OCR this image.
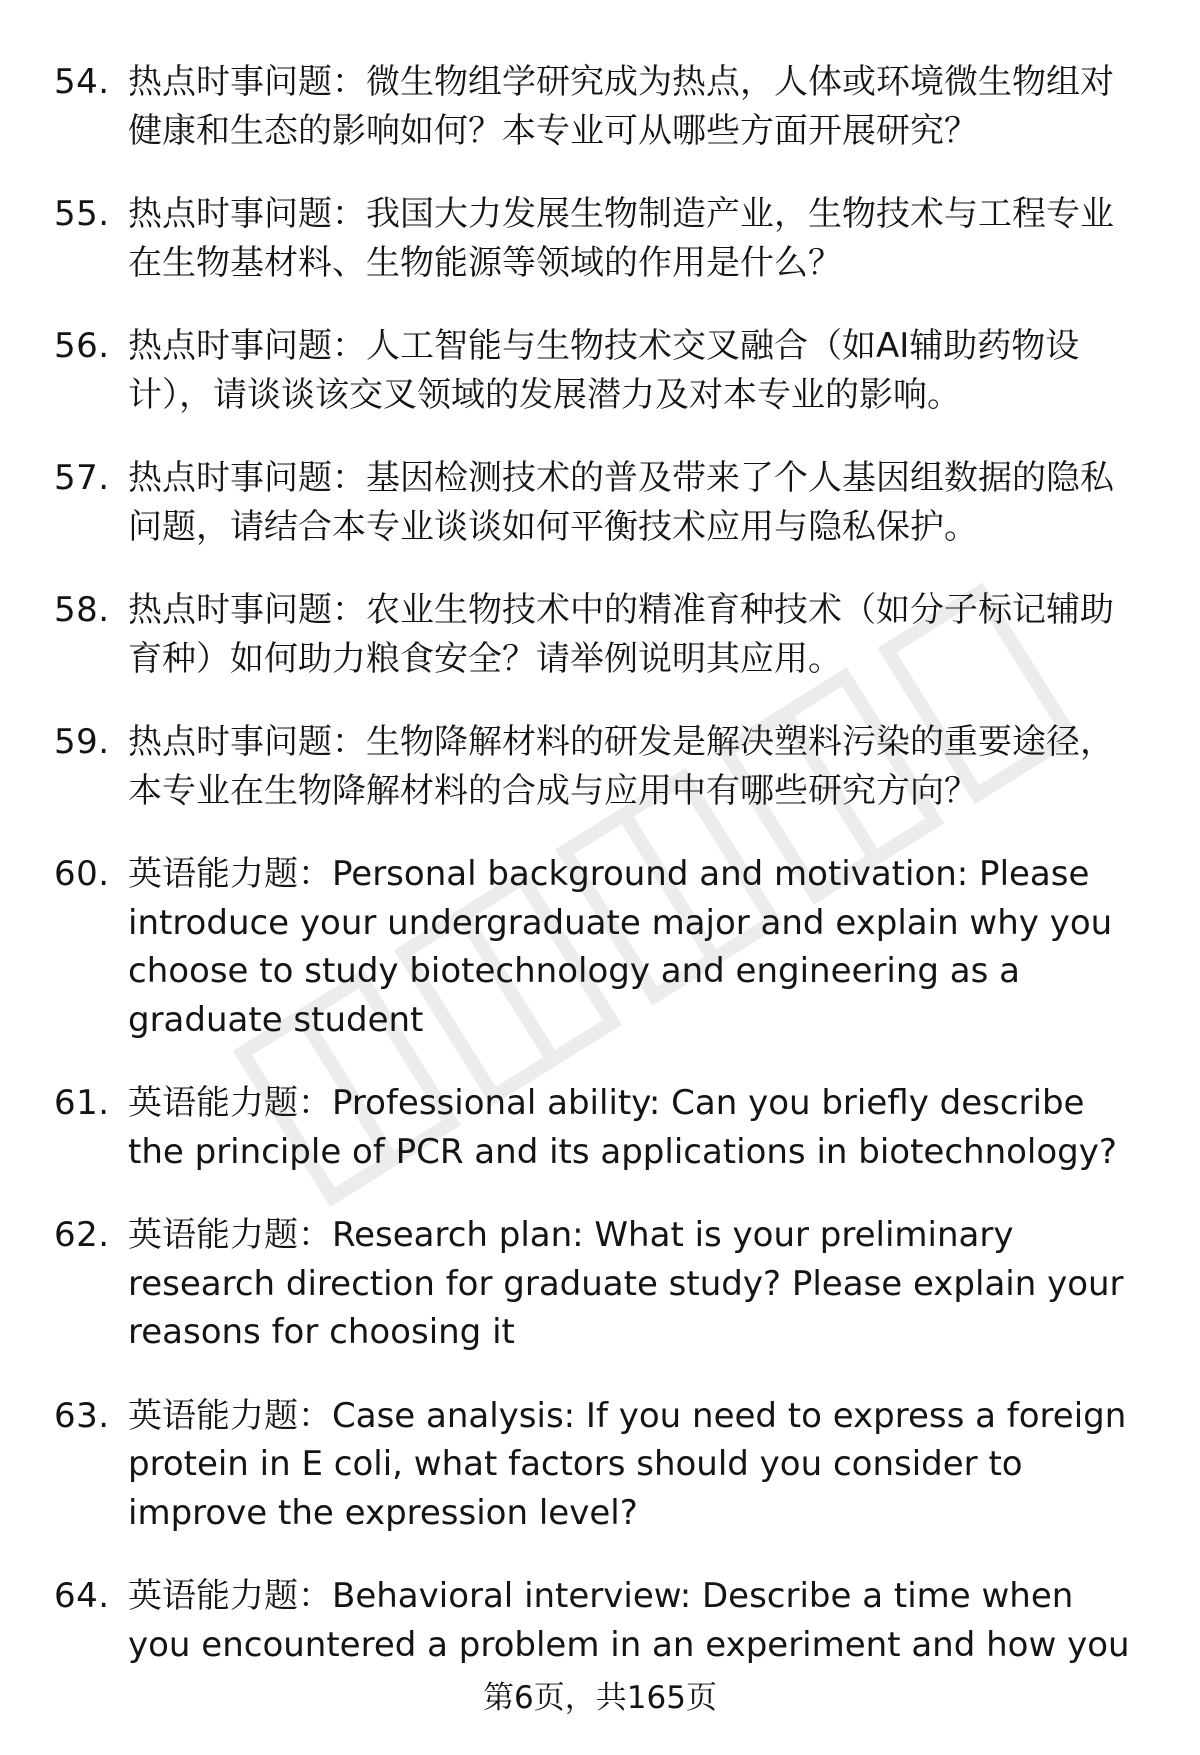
54. 热点时事问题：微生物组学研究成为热点，人体或环境微生物组对健康和生态的影响如何？本专业可从哪些方面开展研究？
55. 热点时事问题：我国大力发展生物制造产业，生物技术与工程专业在生物基材料、生物能源等领域的作用是什么？
56. 热点时事问题：人工智能与生物技术交叉融合（如AI辅助药物设计），请谈谈该交叉领域的发展潜力及对本专业的影响。
57. 热点时事问题：基因检测技术的普及带来了个人基因组数据的隐私问题，请结合本专业谈谈如何平衡技术应用与隐私保护。
58. 热点时事问题：农业生物技术中的精准育种技术（如分子标记辅助育种）如何助力粮食安全？请举例说明其应用。
59. 热点时事问题：生物降解材料的研发是解决塑料污染的重要途径，本专业在生物降解材料的合成与应用中有哪些研究方向？
60. 英语能力题：Personal background and motivation: Please introduce your undergraduate major and explain why you choose to study biotechnology and engineering as a graduate student
61. 英语能力题：Professional ability: Can you briefly describe the principle of PCR and its applications in biotechnology?
62. 英语能力题：Research plan: What is your preliminary research direction for graduate study? Please explain your reasons for choosing it
63. 英语能力题：Case analysis: If you need to express a foreign protein in E coli, what factors should you consider to improve the expression level?
64. 英语能力题：Behavioral interview: Describe a time when you encountered a problem in an experiment and how you
第6页，共165页
